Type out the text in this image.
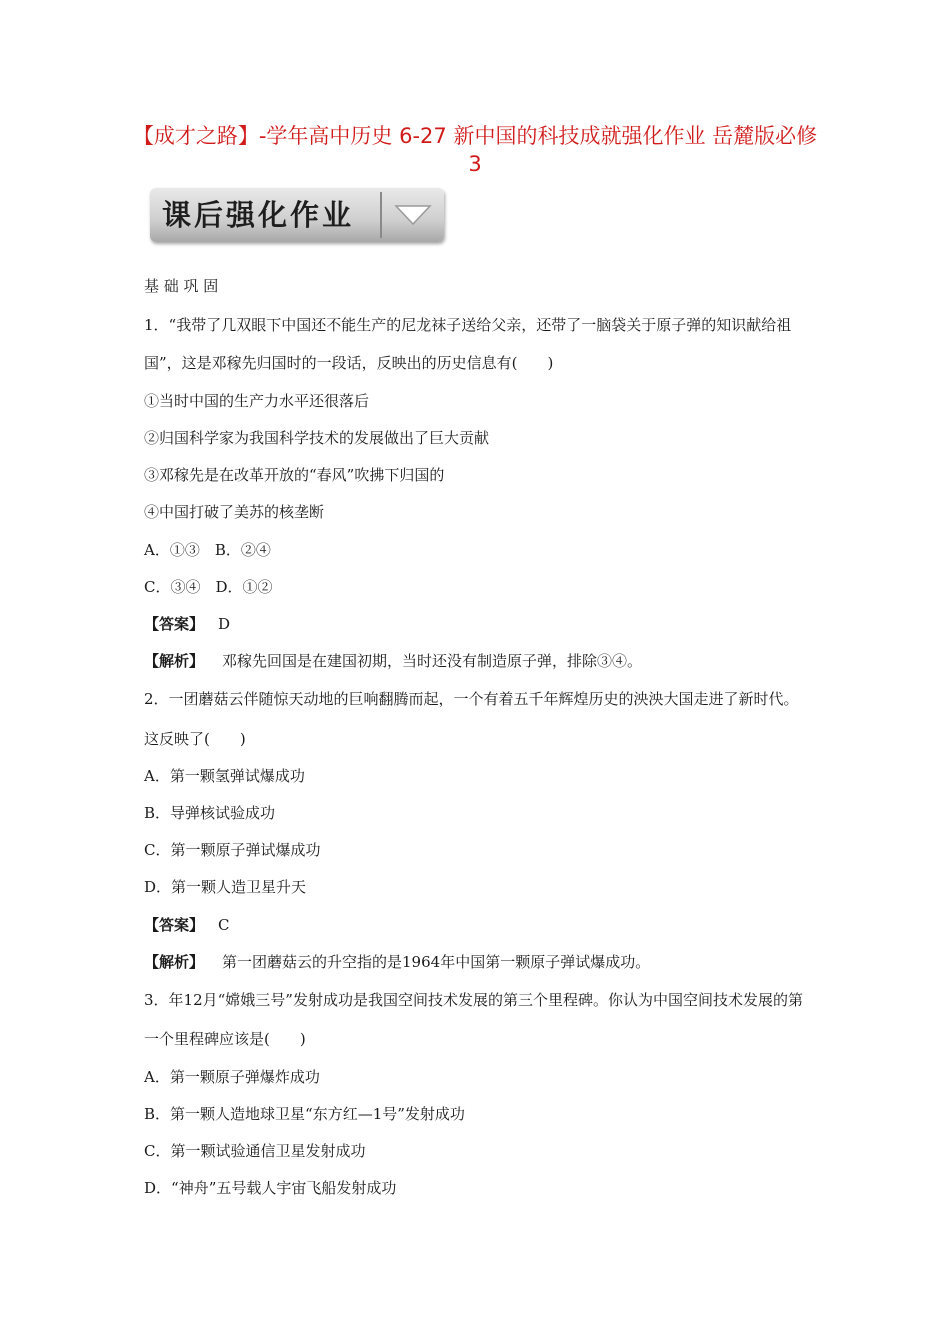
【成才之路】-学年高中历史 6-27 新中国的科技成就强化作业 岳麓版必修3
课后强化作业
基 础 巩 固
1．“我带了几双眼下中国还不能生产的尼龙袜子送给父亲，还带了一脑袋关于原子弹的知识献给祖
国”，这是邓稼先归国时的一段话，反映出的历史信息有(　　)
①当时中国的生产力水平还很落后
②归国科学家为我国科学技术的发展做出了巨大贡献
③邓稼先是在改革开放的“春风”吹拂下归国的
④中国打破了美苏的核垄断
A．①③　B．②④
C．③④　D．①②
【答案】 D
【解析】 邓稼先回国是在建国初期，当时还没有制造原子弹，排除③④。
2．一团蘑菇云伴随惊天动地的巨响翻腾而起，一个有着五千年辉煌历史的泱泱大国走进了新时代。
这反映了(　　)
A．第一颗氢弹试爆成功
B．导弹核试验成功
C．第一颗原子弹试爆成功
D．第一颗人造卫星升天
【答案】 C
【解析】 第一团蘑菇云的升空指的是1964年中国第一颗原子弹试爆成功。
3．年12月“嫦娥三号”发射成功是我国空间技术发展的第三个里程碑。你认为中国空间技术发展的第
一个里程碑应该是(　　)
A．第一颗原子弹爆炸成功
B．第一颗人造地球卫星“东方红—1号”发射成功
C．第一颗试验通信卫星发射成功
D．“神舟”五号载人宇宙飞船发射成功
